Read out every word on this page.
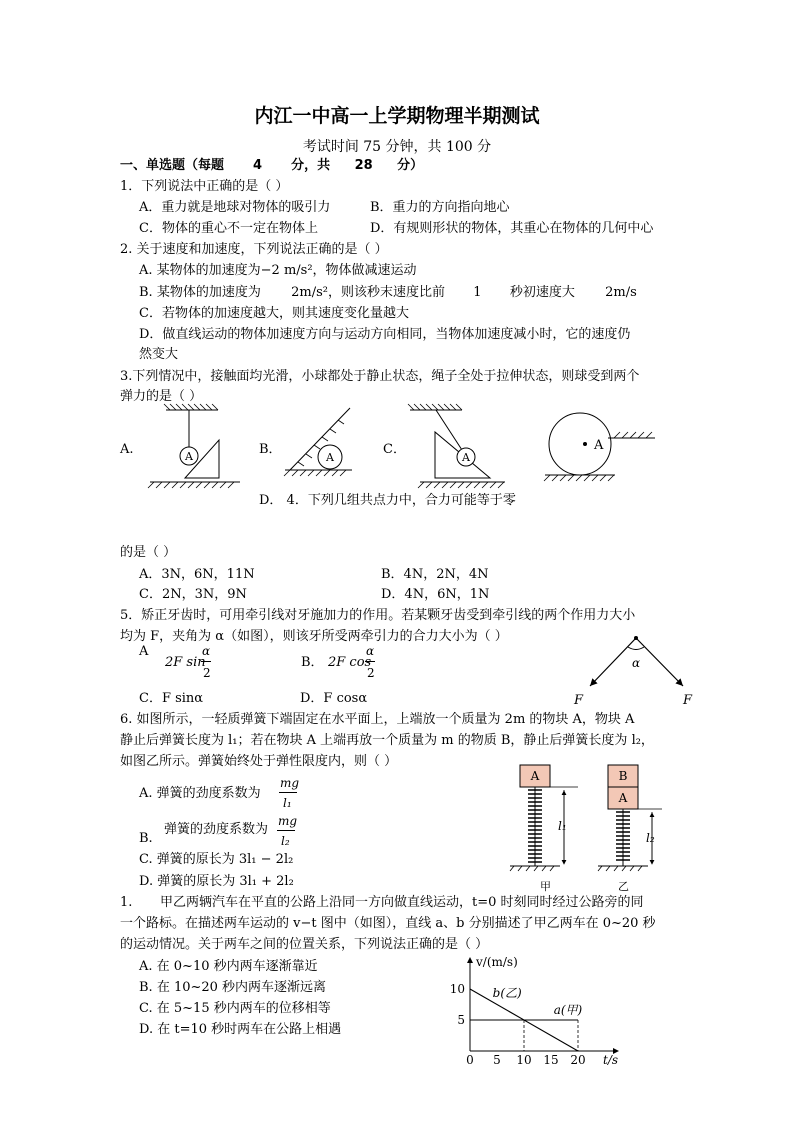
内江一中高一上学期物理半期测试
考试时间 75 分钟，共 100 分
一、单选题（每题 4 分，共 28 分）
1．下列说法中正确的是（ ）
A．重力就是地球对物体的吸引力	B．重力的方向指向地心
C．物体的重心不一定在物体上	D．有规则形状的物体，其重心在物体的几何中心
2. 关于速度和加速度，下列说法正确的是（ ）
A. 某物体的加速度为−2 m/s²，物体做减速运动
B. 某物体的加速度为 2m/s²，则该秒末速度比前 1 秒初速度大 2m/s
C．若物体的加速度越大，则其速度变化量越大
D．做直线运动的物体加速度方向与运动方向相同，当物体加速度减小时，它的速度仍
然变大
3.下列情况中，接触面均光滑，小球都处于静止状态，绳子全处于拉伸状态，则球受到两个
弹力的是（ ）
A.	B．	C．
A	A	A
A
D． 4．下列几组共点力中，合力可能等于零
的是（ ）
A．3N，6N，11N	B．4N，2N，4N
C．2N，3N，9N	D．4N，6N，1N
5．矫正牙齿时，可用牵引线对牙施加力的作用。若某颗牙齿受到牵引线的两个作用力大小
均为 F，夹角为 α（如图），则该牙所受两牵引力的合力大小为（ ）
A
2F sin
α
2
B． 2F cos
α
2
C．F sinα	D．F cosα
α
F	F
6. 如图所示，一轻质弹簧下端固定在水平面上，上端放一个质量为 2m 的物块 A，物块 A
静止后弹簧长度为 l₁；若在物块 A 上端再放一个质量为 m 的物质 B，静止后弹簧长度为 l₂，
如图乙所示。弹簧始终处于弹性限度内，则（ ）
A. 弹簧的劲度系数为
mg
l₁
B.
弹簧的劲度系数为
mg
l₂
C. 弹簧的原长为 3l₁ − 2l₂
D. 弹簧的原长为 3l₁ + 2l₂
A
l₁
甲
B
A
l₂
乙
1. 甲乙两辆汽车在平直的公路上沿同一方向做直线运动，t=0 时刻同时经过公路旁的同
一个路标。在描述两车运动的 v−t 图中（如图），直线 a、b 分别描述了甲乙两车在 0~20 秒
的运动情况。关于两车之间的位置关系，下列说法正确的是（ ）
A. 在 0~10 秒内两车逐渐靠近
B. 在 10~20 秒内两车逐渐远离
C. 在 5~15 秒内两车的位移相等
D. 在 t=10 秒时两车在公路上相遇
v/(m/s)
t/s
0 5 10 15 20
5
10
a(甲)
b(乙)
